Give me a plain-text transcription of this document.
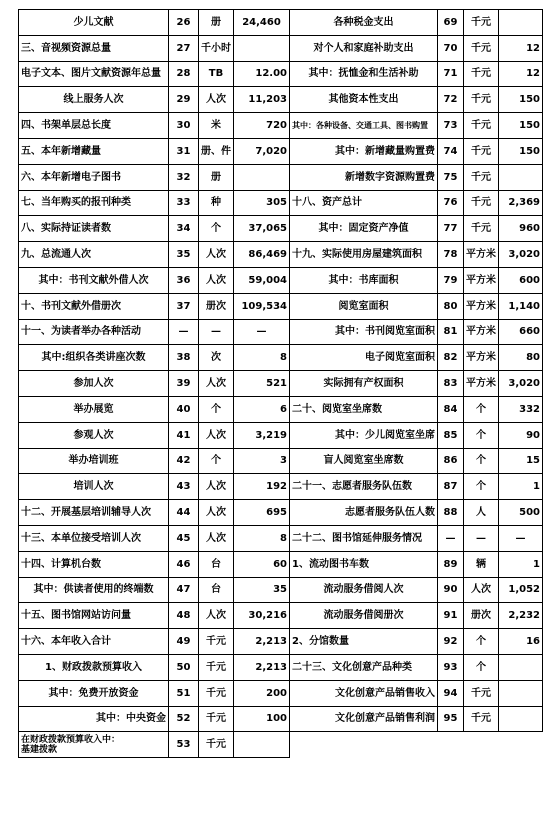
少儿文献	26	册	24,460	各种税金支出	69	千元	
三、音视频资源总量	27	千小时		对个人和家庭补助支出	70	千元	12
电子文本、图片文献资源年总量	28	TB	12.00	其中：抚恤金和生活补助	71	千元	12
线上服务人次	29	人次	11,203	其他资本性支出	72	千元	150
四、书架单层总长度	30	米	720	其中：各种设备、交通工具、图书购置	73	千元	150
五、本年新增藏量	31	册、件	7,020	其中：新增藏量购置费	74	千元	150
六、本年新增电子图书	32	册		新增数字资源购置费	75	千元	
七、当年购买的报刊种类	33	种	305	十八、资产总计	76	千元	2,369
八、实际持证读者数	34	个	37,065	其中：固定资产净值	77	千元	960
九、总流通人次	35	人次	86,469	十九、实际使用房屋建筑面积	78	平方米	3,020
其中：书刊文献外借人次	36	人次	59,004	其中：书库面积	79	平方米	600
十、书刊文献外借册次	37	册次	109,534	阅览室面积	80	平方米	1,140
十一、为读者举办各种活动	—	—	—	其中：书刊阅览室面积	81	平方米	660
其中:组织各类讲座次数	38	次	8	电子阅览室面积	82	平方米	80
参加人次	39	人次	521	实际拥有产权面积	83	平方米	3,020
举办展览	40	个	6	二十、阅览室坐席数	84	个	332
参观人次	41	人次	3,219	其中：少儿阅览室坐席	85	个	90
举办培训班	42	个	3	盲人阅览室坐席数	86	个	15
培训人次	43	人次	192	二十一、志愿者服务队伍数	87	个	1
十二、开展基层培训辅导人次	44	人次	695	志愿者服务队伍人数	88	人	500
十三、本单位接受培训人次	45	人次	8	二十二、图书馆延伸服务情况	—	—	—
十四、计算机台数	46	台	60	1、流动图书车数	89	辆	1
其中：供读者使用的终端数	47	台	35	流动服务借阅人次	90	人次	1,052
十五、图书馆网站访问量	48	人次	30,216	流动服务借阅册次	91	册次	2,232
十六、本年收入合计	49	千元	2,213	2、分馆数量	92	个	16
1、财政拨款预算收入	50	千元	2,213	二十三、文化创意产品种类	93	个	
其中：免费开放资金	51	千元	200	文化创意产品销售收入	94	千元	
其中：中央资金	52	千元	100	文化创意产品销售利润	95	千元	
在财政拨款预算收入中：
基建拨款	53	千元					
